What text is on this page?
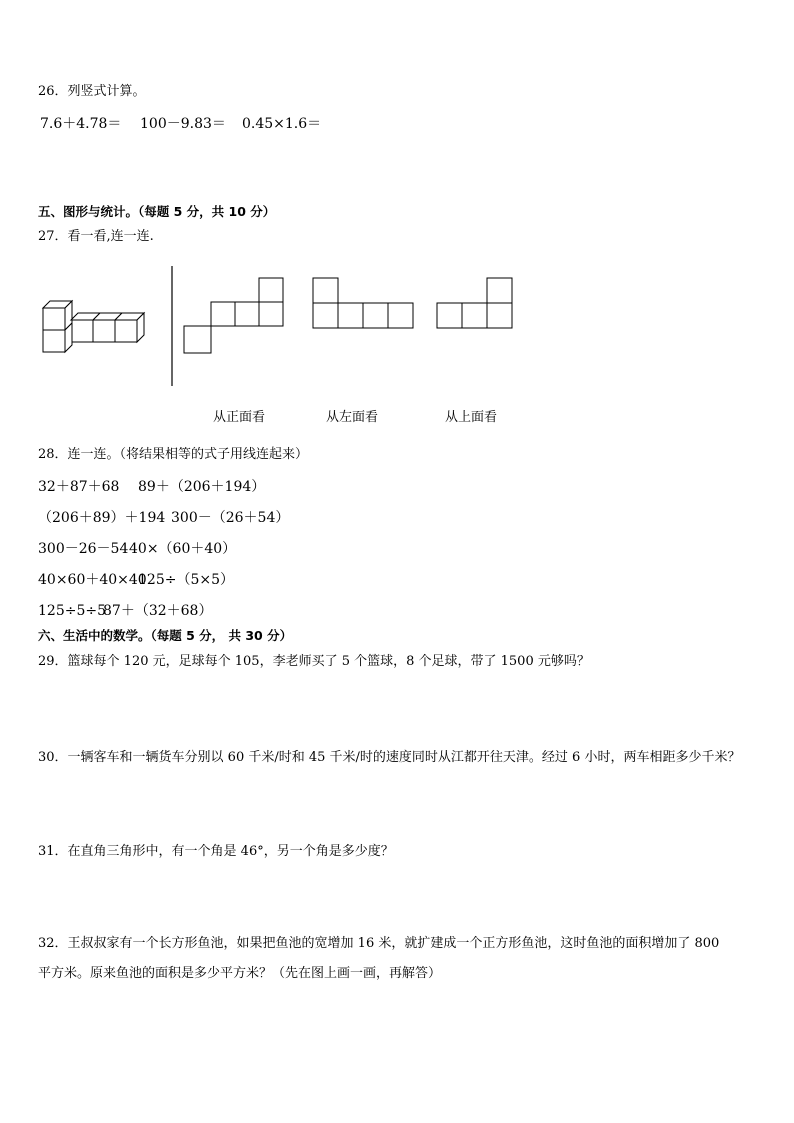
26．列竖式计算。
7.6＋4.78＝ 100－9.83＝ 0.45×1.6＝
五、图形与统计。（每题 5 分，共 10 分）
27．看一看,连一连.
从正面看	从左面看	从上面看
28．连一连。（将结果相等的式子用线连起来）
32＋87＋68 89＋（206＋194）
（206＋89）＋194 300－（26＋54）
300－26－54 40×（60＋40）
40×60＋40×40
125÷（5×5）
125÷5÷5
87＋（32＋68）
六、生活中的数学。（每题 5 分， 共 30 分）
29．篮球每个 120 元，足球每个 105，李老师买了 5 个篮球，8 个足球，带了 1500 元够吗？
30．一辆客车和一辆货车分别以 60 千米/时和 45 千米/时的速度同时从江都开往天津。经过 6 小时，两车相距多少千米？
31．在直角三角形中，有一个角是 46°，另一个角是多少度？
32．王叔叔家有一个长方形鱼池，如果把鱼池的宽增加 16 米，就扩建成一个正方形鱼池，这时鱼池的面积增加了 800
平方米。原来鱼池的面积是多少平方米？（先在图上画一画，再解答）
